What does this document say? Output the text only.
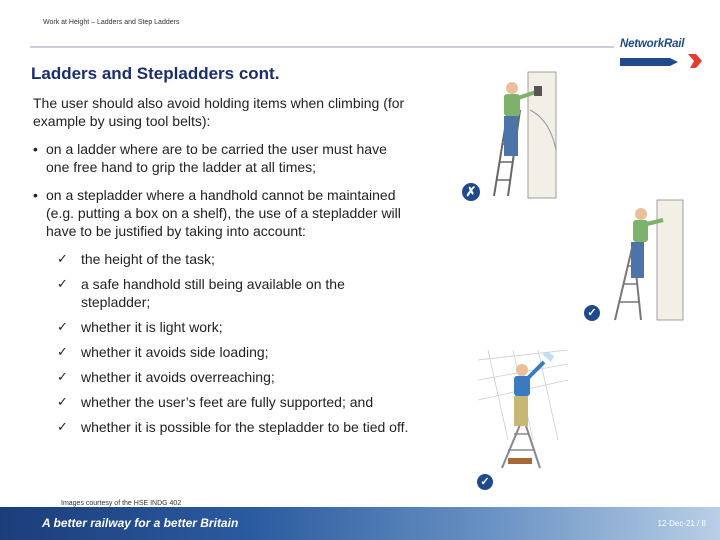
Work at Height – Ladders and Step Ladders
NetworkRail
Ladders and Stepladders cont.

The user should also avoid holding items when climbing (for example by using tool belts):

• on a ladder where are to be carried the user must have one free hand to grip the ladder at all times;
• on a stepladder where a handhold cannot be maintained (e.g. putting a box on a shelf), the use of a stepladder will have to be justified by taking into account:
✓ the height of the task;
✓ a safe handhold still being available on the stepladder;
✓ whether it is light work;
✓ whether it avoids side loading;
✓ whether it avoids overreaching;
✓ whether the user’s feet are fully supported; and
✓ whether it is possible for the stepladder to be tied off.
✗
✓
✓
Images courtesy of the HSE INDG 402
A better railway for a better Britain	12-Dec-21 / 8
